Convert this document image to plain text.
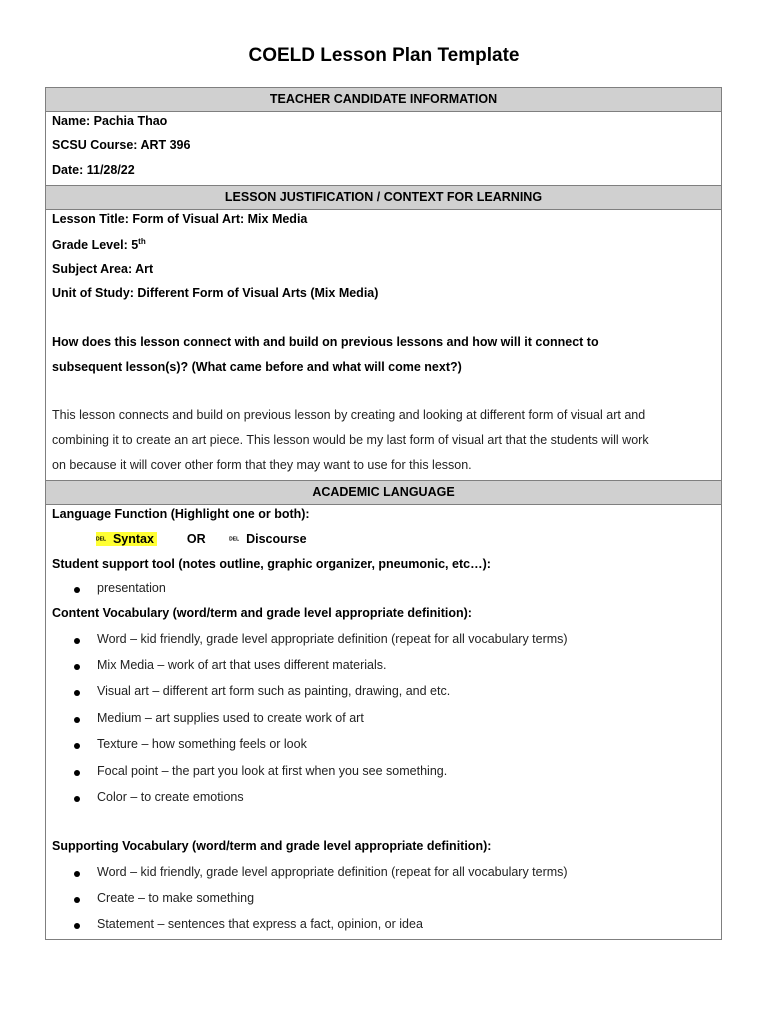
COELD Lesson Plan Template
TEACHER CANDIDATE INFORMATION
Name: Pachia Thao
SCSU Course: ART 396
Date: 11/28/22
LESSON JUSTIFICATION / CONTEXT FOR LEARNING
Lesson Title: Form of Visual Art: Mix Media
Grade Level: 5th
Subject Area: Art
Unit of Study: Different Form of Visual Arts (Mix Media)
How does this lesson connect with and build on previous lessons and how will it connect to
subsequent lesson(s)? (What came before and what will come next?)
This lesson connects and build on previous lesson by creating and looking at different form of visual art and
combining it to create an art piece. This lesson would be my last form of visual art that the students will work
on because it will cover other form that they may want to use for this lesson.
ACADEMIC LANGUAGE
Language Function (Highlight one or both):
DEL Syntax	OR	DEL Discourse
Student support tool (notes outline, graphic organizer, pneumonic, etc…):
presentation
Content Vocabulary (word/term and grade level appropriate definition):
Word – kid friendly, grade level appropriate definition (repeat for all vocabulary terms)
Mix Media – work of art that uses different materials.
Visual art – different art form such as painting, drawing, and etc.
Medium – art supplies used to create work of art
Texture – how something feels or look
Focal point – the part you look at first when you see something.
Color – to create emotions
Supporting Vocabulary (word/term and grade level appropriate definition):
Word – kid friendly, grade level appropriate definition (repeat for all vocabulary terms)
Create – to make something
Statement – sentences that express a fact, opinion, or idea
